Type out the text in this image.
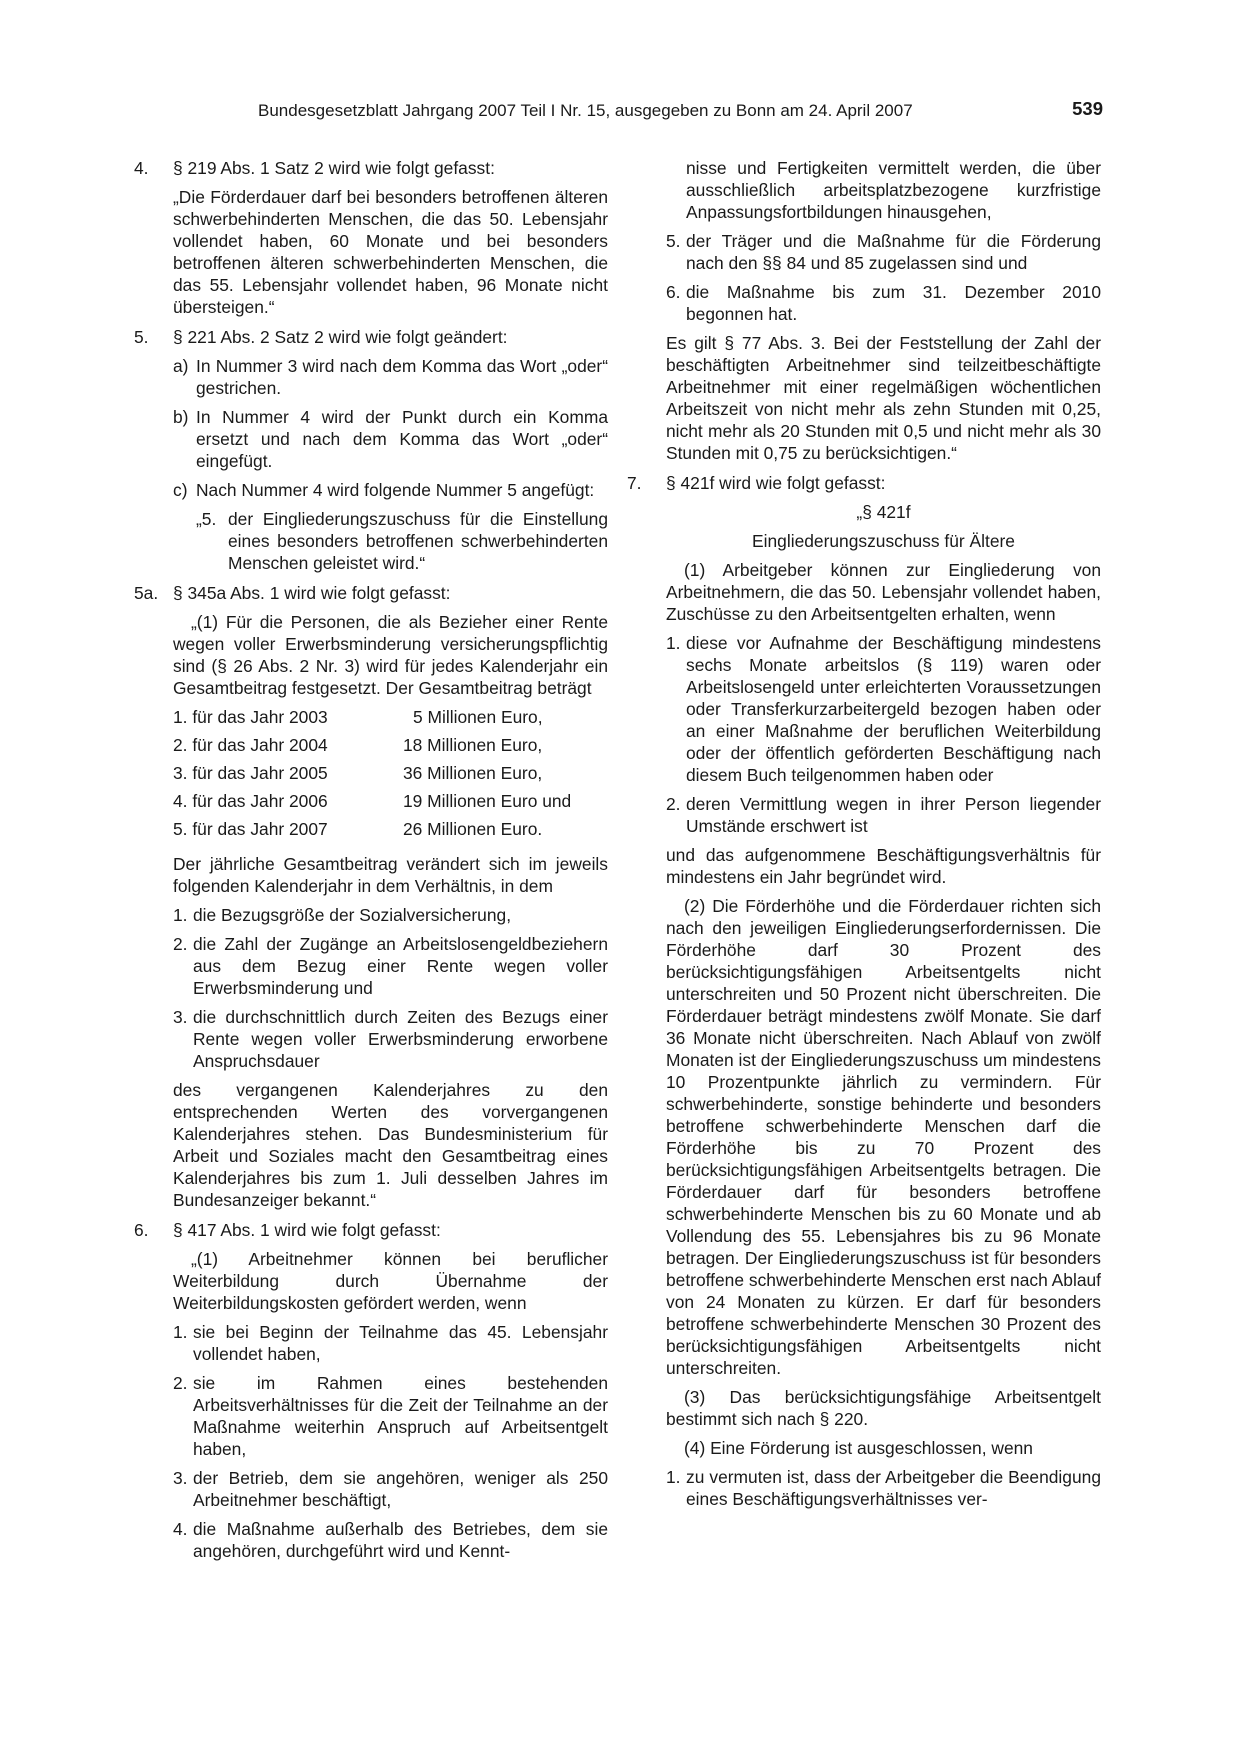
Bundesgesetzblatt Jahrgang 2007 Teil I Nr. 15, ausgegeben zu Bonn am 24. April 2007	539
4.	§ 219 Abs. 1 Satz 2 wird wie folgt gefasst:

„Die Förderdauer darf bei besonders betroffenen älteren schwerbehinderten Menschen, die das 50. Lebensjahr vollendet haben, 60 Monate und bei besonders betroffenen älteren schwerbehinderten Menschen, die das 55. Lebensjahr vollendet haben, 96 Monate nicht übersteigen.“

5.	§ 221 Abs. 2 Satz 2 wird wie folgt geändert:

a) In Nummer 3 wird nach dem Komma das Wort „oder“ gestrichen.
b) In Nummer 4 wird der Punkt durch ein Komma ersetzt und nach dem Komma das Wort „oder“ eingefügt.
c) Nach Nummer 4 wird folgende Nummer 5 angefügt:
„5. der Eingliederungszuschuss für die Einstellung eines besonders betroffenen schwerbehinderten Menschen geleistet wird.“
5a. § 345a Abs. 1 wird wie folgt gefasst:

„(1) Für die Personen, die als Bezieher einer Rente wegen voller Erwerbsminderung versicherungspflichtig sind (§ 26 Abs. 2 Nr. 3) wird für jedes Kalenderjahr ein Gesamtbeitrag festgesetzt. Der Gesamtbeitrag beträgt

1. für das Jahr 2003	5 Millionen Euro,
2. für das Jahr 2004	18 Millionen Euro,
3. für das Jahr 2005	36 Millionen Euro,
4. für das Jahr 2006	19 Millionen Euro und
5. für das Jahr 2007	26 Millionen Euro.

Der jährliche Gesamtbeitrag verändert sich im jeweils folgenden Kalenderjahr in dem Verhältnis, in dem

1. die Bezugsgröße der Sozialversicherung,
2. die Zahl der Zugänge an Arbeitslosengeldbeziehern aus dem Bezug einer Rente wegen voller Erwerbsminderung und
3. die durchschnittlich durch Zeiten des Bezugs einer Rente wegen voller Erwerbsminderung erworbene Anspruchsdauer

des vergangenen Kalenderjahres zu den entsprechenden Werten des vorvergangenen Kalenderjahres stehen. Das Bundesministerium für Arbeit und Soziales macht den Gesamtbeitrag eines Kalenderjahres bis zum 1. Juli desselben Jahres im Bundesanzeiger bekannt.“

6.	§ 417 Abs. 1 wird wie folgt gefasst:

„(1) Arbeitnehmer können bei beruflicher Weiterbildung durch Übernahme der Weiterbildungskosten gefördert werden, wenn

1. sie bei Beginn der Teilnahme das 45. Lebensjahr vollendet haben,
2. sie im Rahmen eines bestehenden Arbeitsverhältnisses für die Zeit der Teilnahme an der Maßnahme weiterhin Anspruch auf Arbeitsentgelt haben,
3. der Betrieb, dem sie angehören, weniger als 250 Arbeitnehmer beschäftigt,
4. die Maßnahme außerhalb des Betriebes, dem sie angehören, durchgeführt wird und Kennt-
nisse und Fertigkeiten vermittelt werden, die über ausschließlich arbeitsplatzbezogene kurzfristige Anpassungsfortbildungen hinausgehen,
5. der Träger und die Maßnahme für die Förderung nach den §§ 84 und 85 zugelassen sind und
6. die Maßnahme bis zum 31. Dezember 2010 begonnen hat.

Es gilt § 77 Abs. 3. Bei der Feststellung der Zahl der beschäftigten Arbeitnehmer sind teilzeitbeschäftigte Arbeitnehmer mit einer regelmäßigen wöchentlichen Arbeitszeit von nicht mehr als zehn Stunden mit 0,25, nicht mehr als 20 Stunden mit 0,5 und nicht mehr als 30 Stunden mit 0,75 zu berücksichtigen.“

7.	§ 421f wird wie folgt gefasst:

„§ 421f

Eingliederungszuschuss für Ältere

(1) Arbeitgeber können zur Eingliederung von Arbeitnehmern, die das 50. Lebensjahr vollendet haben, Zuschüsse zu den Arbeitsentgelten erhalten, wenn

1. diese vor Aufnahme der Beschäftigung mindestens sechs Monate arbeitslos (§ 119) waren oder Arbeitslosengeld unter erleichterten Voraussetzungen oder Transferkurzarbeitergeld bezogen haben oder an einer Maßnahme der beruflichen Weiterbildung oder der öffentlich geförderten Beschäftigung nach diesem Buch teilgenommen haben oder
2. deren Vermittlung wegen in ihrer Person liegender Umstände erschwert ist

und das aufgenommene Beschäftigungsverhältnis für mindestens ein Jahr begründet wird.

(2) Die Förderhöhe und die Förderdauer richten sich nach den jeweiligen Eingliederungserfordernissen. Die Förderhöhe darf 30 Prozent des berücksichtigungsfähigen Arbeitsentgelts nicht unterschreiten und 50 Prozent nicht überschreiten. Die Förderdauer beträgt mindestens zwölf Monate. Sie darf 36 Monate nicht überschreiten. Nach Ablauf von zwölf Monaten ist der Eingliederungszuschuss um mindestens 10 Prozentpunkte jährlich zu vermindern. Für schwerbehinderte, sonstige behinderte und besonders betroffene schwerbehinderte Menschen darf die Förderhöhe bis zu 70 Prozent des berücksichtigungsfähigen Arbeitsentgelts betragen. Die Förderdauer darf für besonders betroffene schwerbehinderte Menschen bis zu 60 Monate und ab Vollendung des 55. Lebensjahres bis zu 96 Monate betragen. Der Eingliederungszuschuss ist für besonders betroffene schwerbehinderte Menschen erst nach Ablauf von 24 Monaten zu kürzen. Er darf für besonders betroffene schwerbehinderte Menschen 30 Prozent des berücksichtigungsfähigen Arbeitsentgelts nicht unterschreiten.

(3) Das berücksichtigungsfähige Arbeitsentgelt bestimmt sich nach § 220.

(4) Eine Förderung ist ausgeschlossen, wenn

1. zu vermuten ist, dass der Arbeitgeber die Beendigung eines Beschäftigungsverhältnisses ver-
